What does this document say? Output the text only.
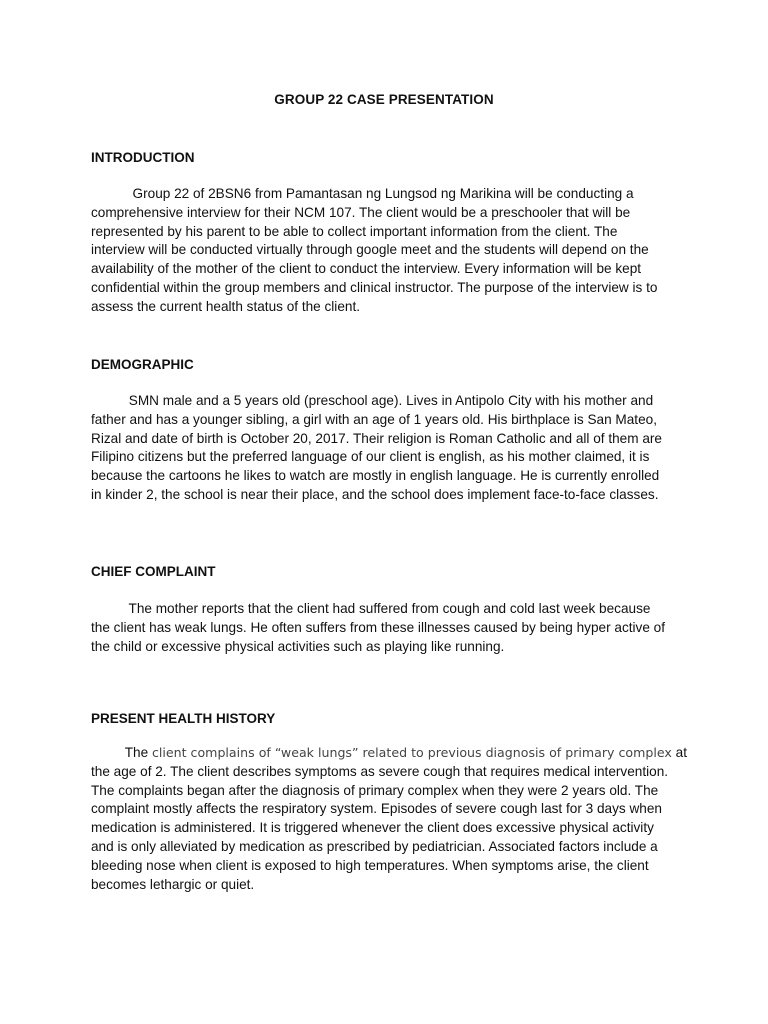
GROUP 22 CASE PRESENTATION
INTRODUCTION
Group 22 of 2BSN6 from Pamantasan ng Lungsod ng Marikina will be conducting a
comprehensive interview for their NCM 107. The client would be a preschooler that will be
represented by his parent to be able to collect important information from the client. The
interview will be conducted virtually through google meet and the students will depend on the
availability of the mother of the client to conduct the interview. Every information will be kept
confidential within the group members and clinical instructor. The purpose of the interview is to
assess the current health status of the client.
DEMOGRAPHIC
SMN male and a 5 years old (preschool age). Lives in Antipolo City with his mother and
father and has a younger sibling, a girl with an age of 1 years old. His birthplace is San Mateo,
Rizal and date of birth is October 20, 2017. Their religion is Roman Catholic and all of them are
Filipino citizens but the preferred language of our client is english, as his mother claimed, it is
because the cartoons he likes to watch are mostly in english language. He is currently enrolled
in kinder 2, the school is near their place, and the school does implement face-to-face classes.
CHIEF COMPLAINT
The mother reports that the client had suffered from cough and cold last week because
the client has weak lungs. He often suffers from these illnesses caused by being hyper active of
the child or excessive physical activities such as playing like running.
PRESENT HEALTH HISTORY
The client complains of “weak lungs” related to previous diagnosis of primary complex at
the age of 2. The client describes symptoms as severe cough that requires medical intervention.
The complaints began after the diagnosis of primary complex when they were 2 years old. The
complaint mostly affects the respiratory system. Episodes of severe cough last for 3 days when
medication is administered. It is triggered whenever the client does excessive physical activity
and is only alleviated by medication as prescribed by pediatrician. Associated factors include a
bleeding nose when client is exposed to high temperatures. When symptoms arise, the client
becomes lethargic or quiet.
